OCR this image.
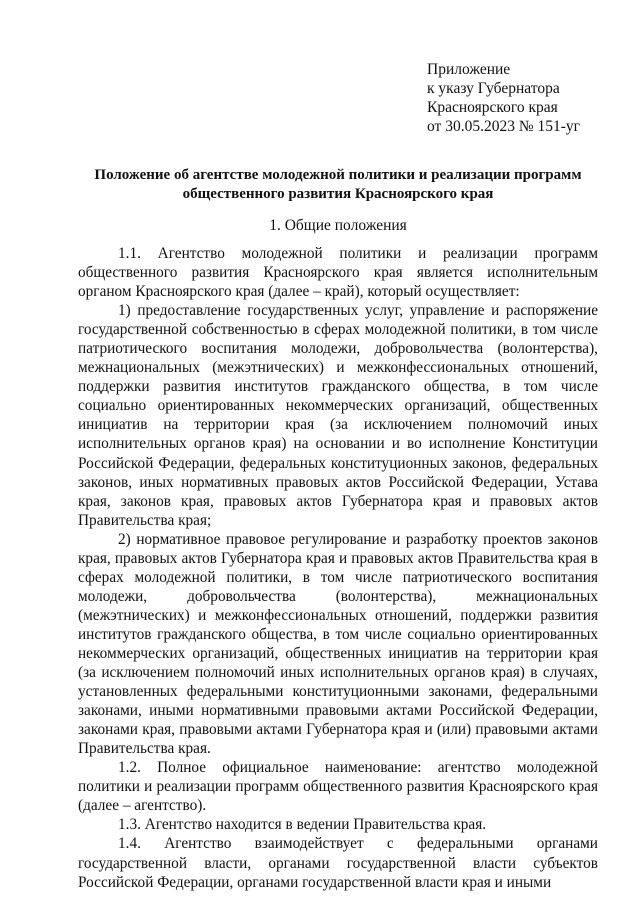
Приложение
к указу Губернатора
Красноярского края
от 30.05.2023 № 151-уг
Положение об агентстве молодежной политики и реализации программ
общественного развития Красноярского края
1. Общие положения

1.1. Агентство молодежной политики и реализации программ общественного развития Красноярского края является исполнительным органом Красноярского края (далее – край), который осуществляет:

1) предоставление государственных услуг, управление и распоряжение государственной собственностью в сферах молодежной политики, в том числе патриотического воспитания молодежи, добровольчества (волонтерства), межнациональных (межэтнических) и межконфессиональных отношений, поддержки развития институтов гражданского общества, в том числе социально ориентированных некоммерческих организаций, общественных инициатив на территории края (за исключением полномочий иных исполнительных органов края) на основании и во исполнение Конституции Российской Федерации, федеральных конституционных законов, федеральных законов, иных нормативных правовых актов Российской Федерации, Устава края, законов края, правовых актов Губернатора края и правовых актов Правительства края;

2) нормативное правовое регулирование и разработку проектов законов края, правовых актов Губернатора края и правовых актов Правительства края в сферах молодежной политики, в том числе патриотического воспитания молодежи, добровольчества (волонтерства), межнациональных (межэтнических) и межконфессиональных отношений, поддержки развития институтов гражданского общества, в том числе социально ориентированных некоммерческих организаций, общественных инициатив на территории края (за исключением полномочий иных исполнительных органов края) в случаях, установленных федеральными конституционными законами, федеральными законами, иными нормативными правовыми актами Российской Федерации, законами края, правовыми актами Губернатора края и (или) правовыми актами Правительства края.

1.2. Полное официальное наименование: агентство молодежной политики и реализации программ общественного развития Красноярского края (далее – агентство).

1.3. Агентство находится в ведении Правительства края.

1.4. Агентство взаимодействует с федеральными органами государственной власти, органами государственной власти субъектов Российской Федерации, органами государственной власти края и иными
